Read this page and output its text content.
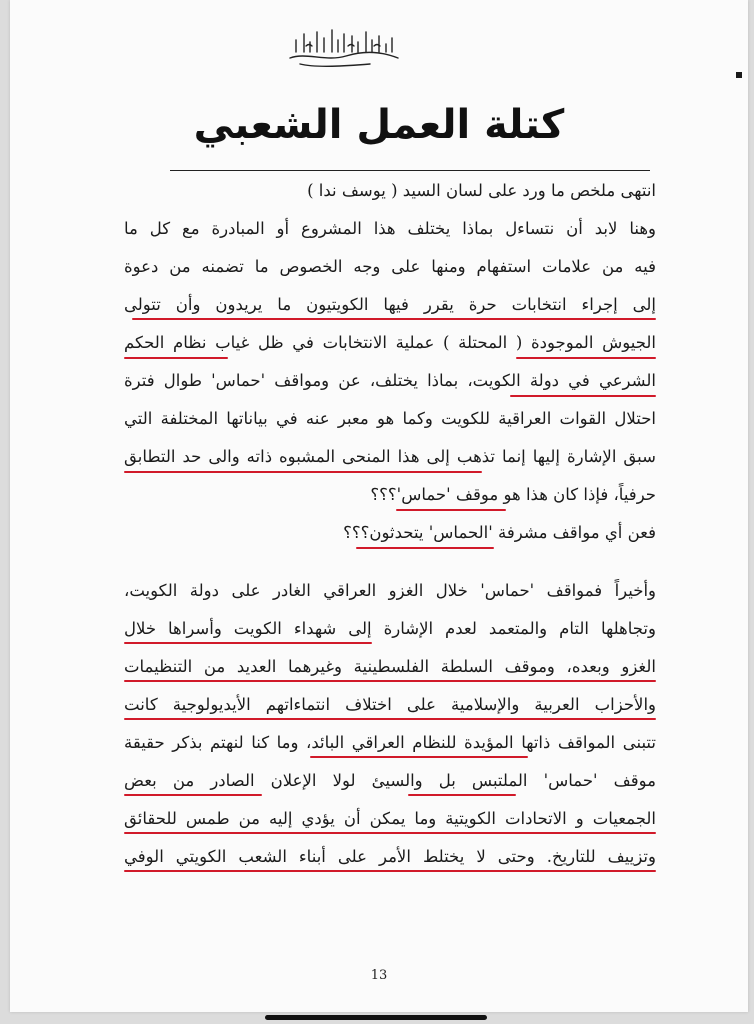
كتلة العمل الشعبي
انتهى ملخص ما ورد على لسان السيد ( يوسف ندا )
وهنا لابد أن نتساءل بماذا يختلف هذا المشروع أو المبادرة مع كل ما
فيه من علامات استفهام ومنها على وجه الخصوص ما تضمنه من دعوة
إلى إجراء انتخابات حرة يقرر فيها الكويتيون ما يريدون وأن تتولى
الجيوش الموجودة ( المحتلة ) عملية الانتخابات في ظل غياب نظام الحكم
الشرعي في دولة الكويت، بماذا يختلف، عن ومواقف 'حماس' طوال فترة
احتلال القوات العراقية للكويت وكما هو معبر عنه في بياناتها المختلفة التي
سبق الإشارة إليها إنما تذهب إلى هذا المنحى المشبوه ذاته والى حد التطابق
حرفياً، فإذا كان هذا هو موقف 'حماس'؟؟؟
فعن أي مواقف مشرفة 'الحماس' يتحدثون؟؟؟
وأخيراً فمواقف 'حماس' خلال الغزو العراقي الغادر على دولة الكويت،
وتجاهلها التام والمتعمد لعدم الإشارة إلى شهداء الكويت وأسراها خلال
الغزو وبعده، وموقف السلطة الفلسطينية وغيرهما العديد من التنظيمات
والأحزاب العربية والإسلامية على اختلاف انتماءاتهم الأيديولوجية كانت
تتبنى المواقف ذاتها المؤيدة للنظام العراقي البائد، وما كنا لنهتم بذكر حقيقة
موقف 'حماس' الملتبس بل والسيئ لولا الإعلان الصادر من بعض
الجمعيات و الاتحادات الكويتية وما يمكن أن يؤدي إليه من طمس للحقائق
وتزييف للتاريخ. وحتى لا يختلط الأمر على أبناء الشعب الكويتي الوفي
13
